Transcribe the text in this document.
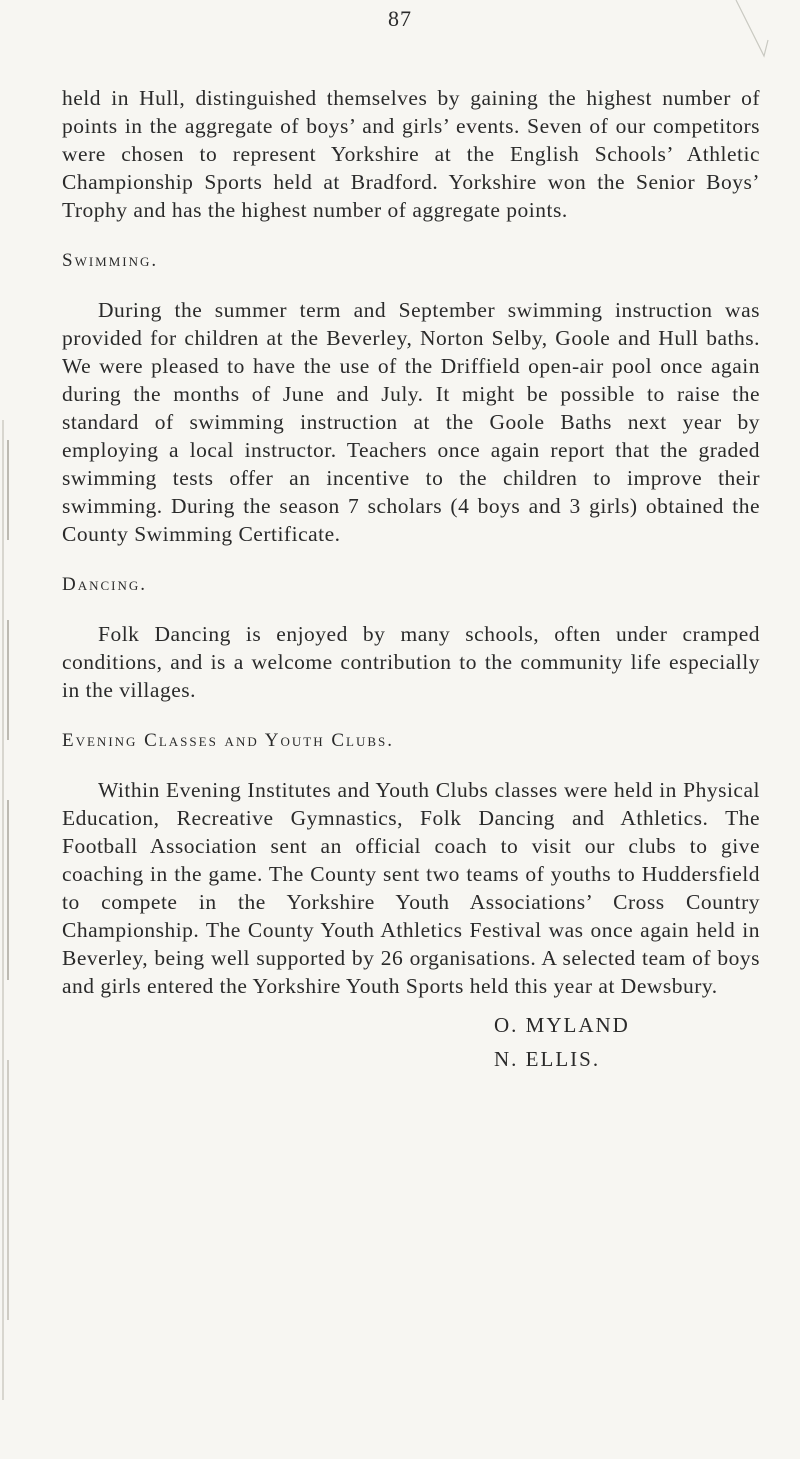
87

held in Hull, distinguished themselves by gaining the highest number of points in the aggregate of boys’ and girls’ events. Seven of our competitors were chosen to represent Yorkshire at the English Schools’ Athletic Championship Sports held at Bradford. Yorkshire won the Senior Boys’ Trophy and has the highest number of aggregate points.

Swimming.

During the summer term and September swimming instruction was provided for children at the Beverley, Norton Selby, Goole and Hull baths. We were pleased to have the use of the Driffield open-air pool once again during the months of June and July. It might be possible to raise the standard of swimming instruction at the Goole Baths next year by employing a local instructor. Teachers once again report that the graded swimming tests offer an incentive to the children to improve their swimming. During the season 7 scholars (4 boys and 3 girls) obtained the County Swimming Certificate.

Dancing.

Folk Dancing is enjoyed by many schools, often under cramped conditions, and is a welcome contribution to the community life especially in the villages.

Evening Classes and Youth Clubs.

Within Evening Institutes and Youth Clubs classes were held in Physical Education, Recreative Gymnastics, Folk Dancing and Athletics. The Football Association sent an official coach to visit our clubs to give coaching in the game. The County sent two teams of youths to Huddersfield to compete in the Yorkshire Youth Associations’ Cross Country Championship. The County Youth Athletics Festival was once again held in Beverley, being well supported by 26 organisations. A selected team of boys and girls entered the Yorkshire Youth Sports held this year at Dewsbury.

O. MYLAND
N. ELLIS.
